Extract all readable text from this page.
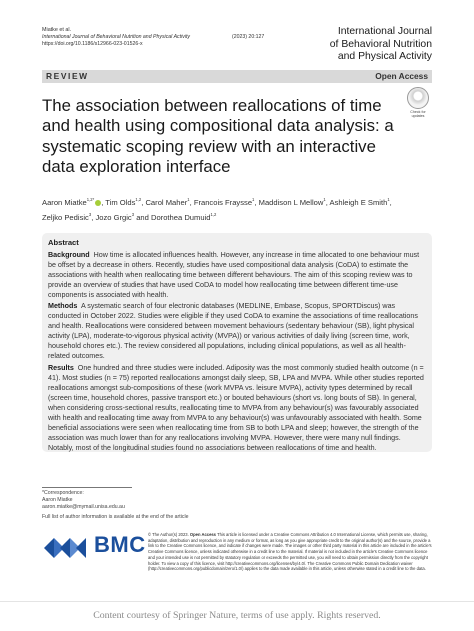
Miatke et al.
International Journal of Behavioral Nutrition and Physical Activity
https://doi.org/10.1186/s12966-023-01526-x
(2023) 20:127	International Journal
of Behavioral Nutrition
and Physical Activity
REVIEW	Open Access
The association between reallocations of time and health using compositional data analysis: a systematic scoping review with an interactive data exploration interface
Check for
updates
Aaron Miatke$^{1,2*}$ , Tim Olds$^{1,2}$, Carol Maher$^1$, Francois Fraysse$^1$, Maddison L Mellow$^1$, Ashleigh E Smith$^1$,
Zeljko Pedisic$^3$, Jozo Grgic$^3$ and Dorothea Dumuid$^{1,2}$
Abstract

Background How time is allocated influences health. However, any increase in time allocated to one behaviour must be offset by a decrease in others. Recently, studies have used compositional data analysis (CoDA) to estimate the associations with health when reallocating time between different behaviours. The aim of this scoping review was to provide an overview of studies that have used CoDA to model how reallocating time between different time-use components is associated with health.

Methods A systematic search of four electronic databases (MEDLINE, Embase, Scopus, SPORTDiscus) was conducted in October 2022. Studies were eligible if they used CoDA to examine the associations of time reallocations and health. Reallocations were considered between movement behaviours (sedentary behaviour (SB), light physical activity (LPA), moderate-to-vigorous physical activity (MVPA)) or various activities of daily living (screen time, work, household chores etc.). The review considered all populations, including clinical populations, as well as all health-related outcomes.

Results One hundred and three studies were included. Adiposity was the most commonly studied health outcome (n = 41). Most studies (n = 75) reported reallocations amongst daily sleep, SB, LPA and MVPA. While other studies reported reallocations amongst sub-compositions of these (work MVPA vs. leisure MVPA), activity types determined by recall (screen time, household chores, passive transport etc.) or bouted behaviours (short vs. long bouts of SB). In general, when considering cross-sectional results, reallocating time to MVPA from any behaviour(s) was favourably associated with health and reallocating time away from MVPA to any behaviour(s) was unfavourably associated with health. Some beneficial associations were seen when reallocating time from SB to both LPA and sleep; however, the strength of the association was much lower than for any reallocations involving MVPA. However, there were many null findings. Notably, most of the longitudinal studies found no associations between reallocations of time and health.

*Correspondence:
Aaron Miatke
aaron.miatke@mymail.unisa.edu.au
Full list of author information is available at the end of the article
BMC © The Author(s) 2023. Open Access This article is licensed under a Creative Commons Attribution 4.0 International License, which permits use, sharing, adaptation, distribution and reproduction in any medium or format, as long as you give appropriate credit to the original author(s) and the source, provide a link to the Creative Commons licence, and indicate if changes were made. The images or other third party material in this article are included in the article's Creative Commons licence, unless indicated otherwise in a credit line to the material. If material is not included in the article's Creative Commons licence and your intended use is not permitted by statutory regulation or exceeds the permitted use, you will need to obtain permission directly from the copyright holder. To view a copy of this licence, visit http://creativecommons.org/licenses/by/4.0/. The Creative Commons Public Domain Dedication waiver (http://creativecommons.org/publicdomain/zero/1.0/) applies to the data made available in this article, unless otherwise stated in a credit line to the data.
Content courtesy of Springer Nature, terms of use apply. Rights reserved.
